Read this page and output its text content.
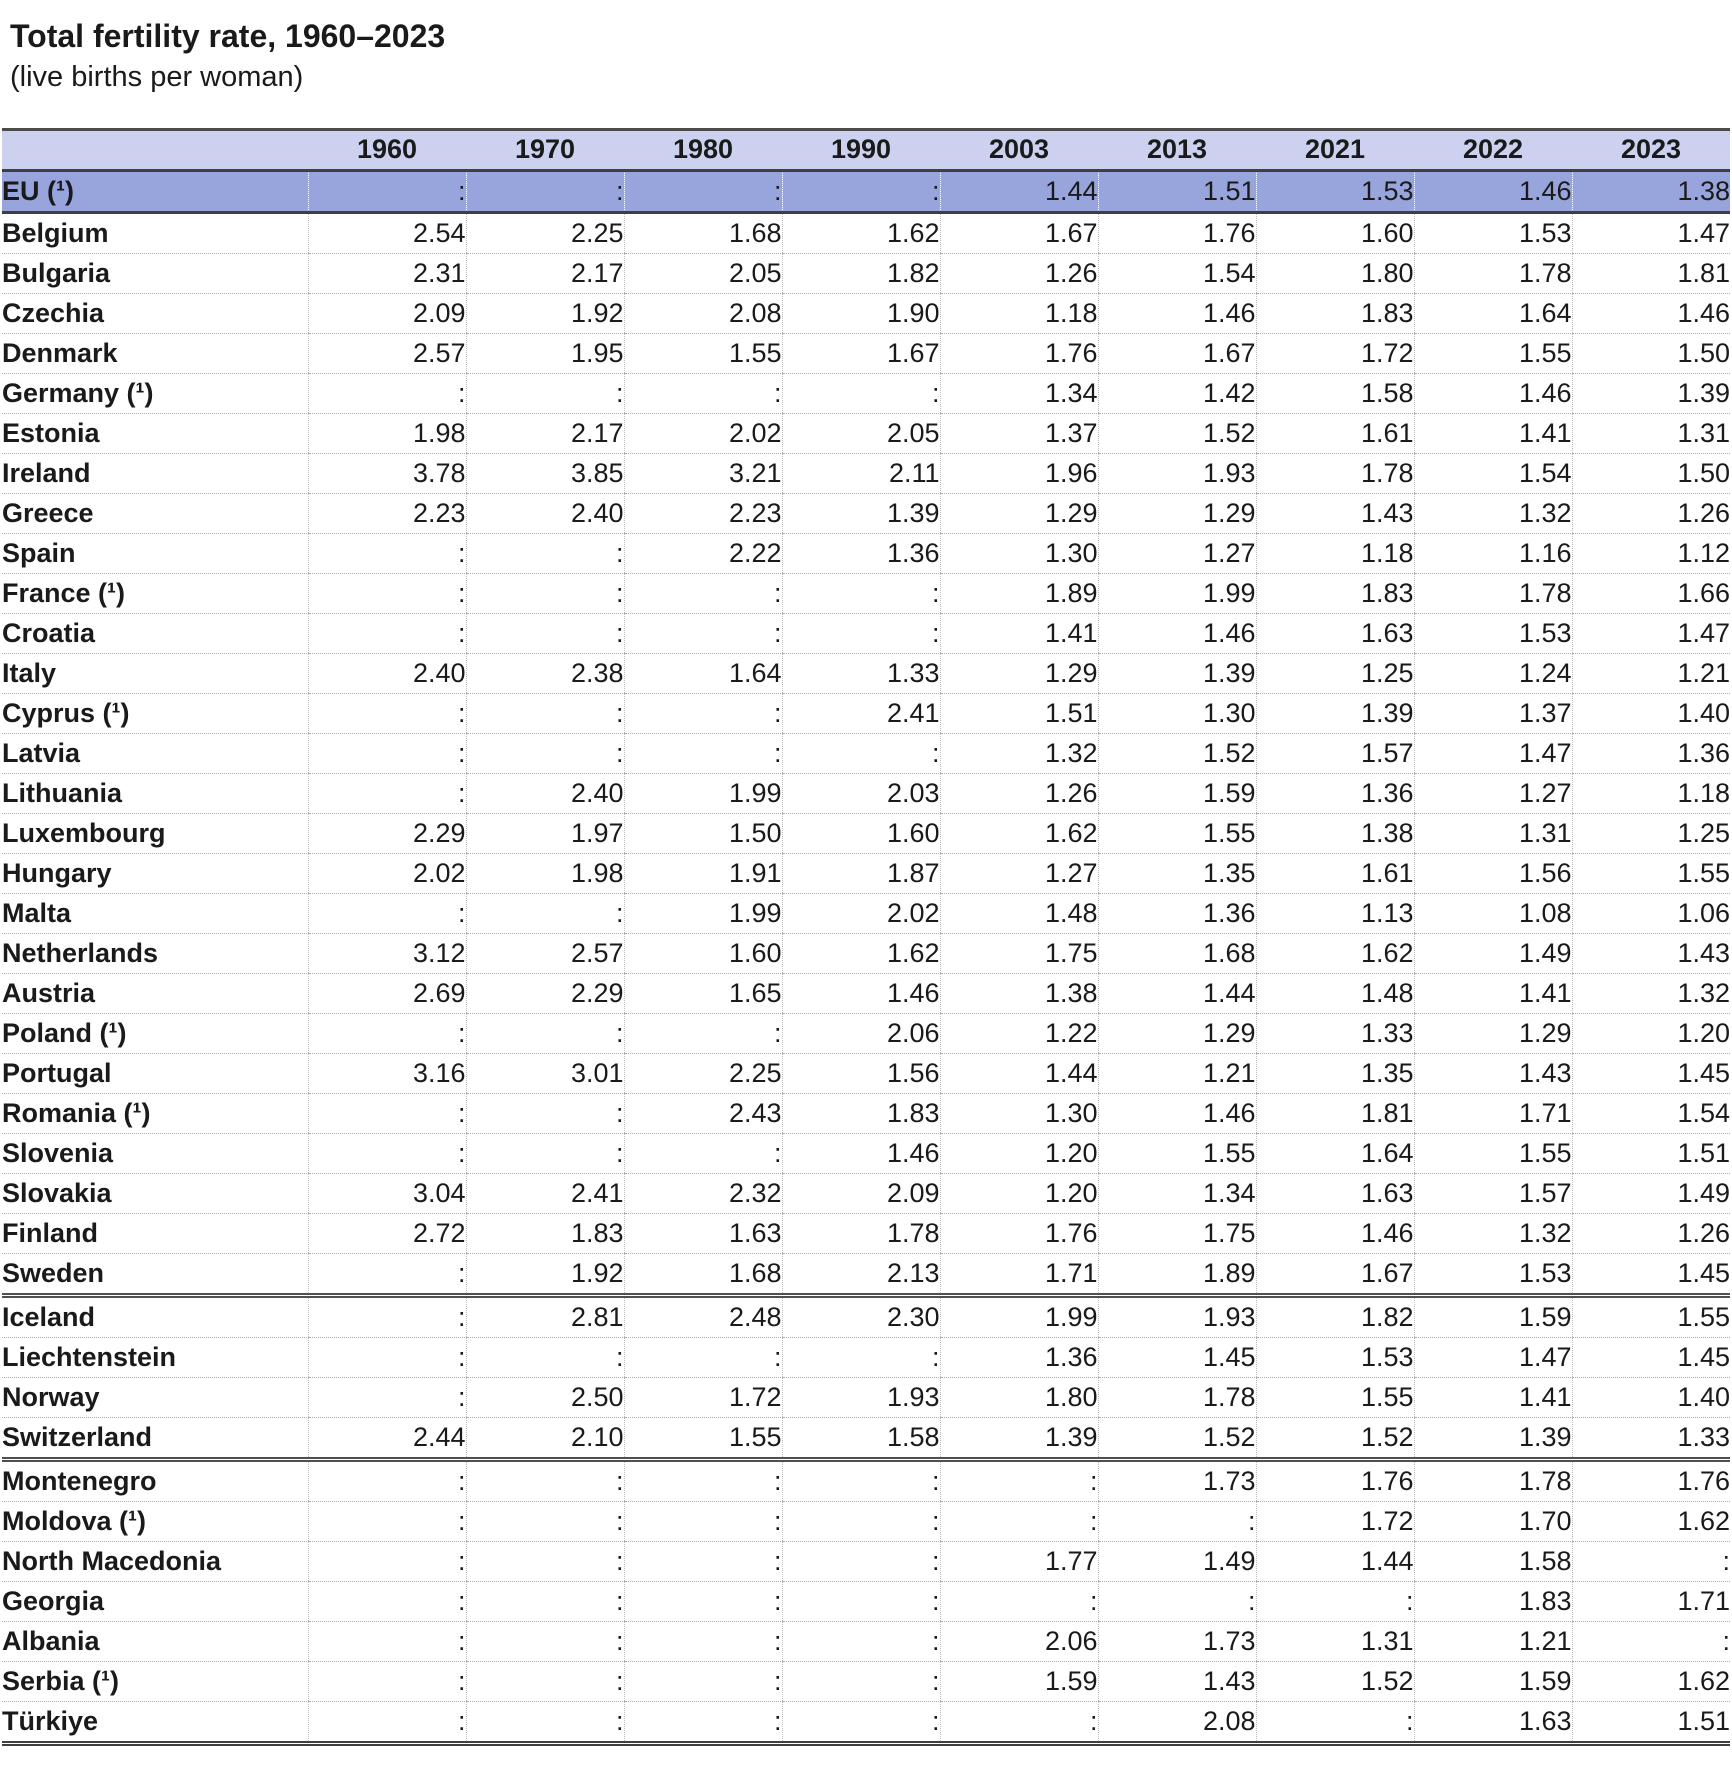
Total fertility rate, 1960–2023

(live births per woman)

	1960	1970	1980	1990	2003	2013	2021	2022	2023
EU (¹)	:	:	:	:	1.44	1.51	1.53	1.46	1.38
Belgium	2.54	2.25	1.68	1.62	1.67	1.76	1.60	1.53	1.47
Bulgaria	2.31	2.17	2.05	1.82	1.26	1.54	1.80	1.78	1.81
Czechia	2.09	1.92	2.08	1.90	1.18	1.46	1.83	1.64	1.46
Denmark	2.57	1.95	1.55	1.67	1.76	1.67	1.72	1.55	1.50
Germany (¹)	:	:	:	:	1.34	1.42	1.58	1.46	1.39
Estonia	1.98	2.17	2.02	2.05	1.37	1.52	1.61	1.41	1.31
Ireland	3.78	3.85	3.21	2.11	1.96	1.93	1.78	1.54	1.50
Greece	2.23	2.40	2.23	1.39	1.29	1.29	1.43	1.32	1.26
Spain	:	:	2.22	1.36	1.30	1.27	1.18	1.16	1.12
France (¹)	:	:	:	:	1.89	1.99	1.83	1.78	1.66
Croatia	:	:	:	:	1.41	1.46	1.63	1.53	1.47
Italy	2.40	2.38	1.64	1.33	1.29	1.39	1.25	1.24	1.21
Cyprus (¹)	:	:	:	2.41	1.51	1.30	1.39	1.37	1.40
Latvia	:	:	:	:	1.32	1.52	1.57	1.47	1.36
Lithuania	:	2.40	1.99	2.03	1.26	1.59	1.36	1.27	1.18
Luxembourg	2.29	1.97	1.50	1.60	1.62	1.55	1.38	1.31	1.25
Hungary	2.02	1.98	1.91	1.87	1.27	1.35	1.61	1.56	1.55
Malta	:	:	1.99	2.02	1.48	1.36	1.13	1.08	1.06
Netherlands	3.12	2.57	1.60	1.62	1.75	1.68	1.62	1.49	1.43
Austria	2.69	2.29	1.65	1.46	1.38	1.44	1.48	1.41	1.32
Poland (¹)	:	:	:	2.06	1.22	1.29	1.33	1.29	1.20
Portugal	3.16	3.01	2.25	1.56	1.44	1.21	1.35	1.43	1.45
Romania (¹)	:	:	2.43	1.83	1.30	1.46	1.81	1.71	1.54
Slovenia	:	:	:	1.46	1.20	1.55	1.64	1.55	1.51
Slovakia	3.04	2.41	2.32	2.09	1.20	1.34	1.63	1.57	1.49
Finland	2.72	1.83	1.63	1.78	1.76	1.75	1.46	1.32	1.26
Sweden	:	1.92	1.68	2.13	1.71	1.89	1.67	1.53	1.45
Iceland	:	2.81	2.48	2.30	1.99	1.93	1.82	1.59	1.55
Liechtenstein	:	:	:	:	1.36	1.45	1.53	1.47	1.45
Norway	:	2.50	1.72	1.93	1.80	1.78	1.55	1.41	1.40
Switzerland	2.44	2.10	1.55	1.58	1.39	1.52	1.52	1.39	1.33
Montenegro	:	:	:	:	:	1.73	1.76	1.78	1.76
Moldova (¹)	:	:	:	:	:	:	1.72	1.70	1.62
North Macedonia	:	:	:	:	1.77	1.49	1.44	1.58	:
Georgia	:	:	:	:	:	:	:	1.83	1.71
Albania	:	:	:	:	2.06	1.73	1.31	1.21	:
Serbia (¹)	:	:	:	:	1.59	1.43	1.52	1.59	1.62
Türkiye	:	:	:	:	:	2.08	:	1.63	1.51
